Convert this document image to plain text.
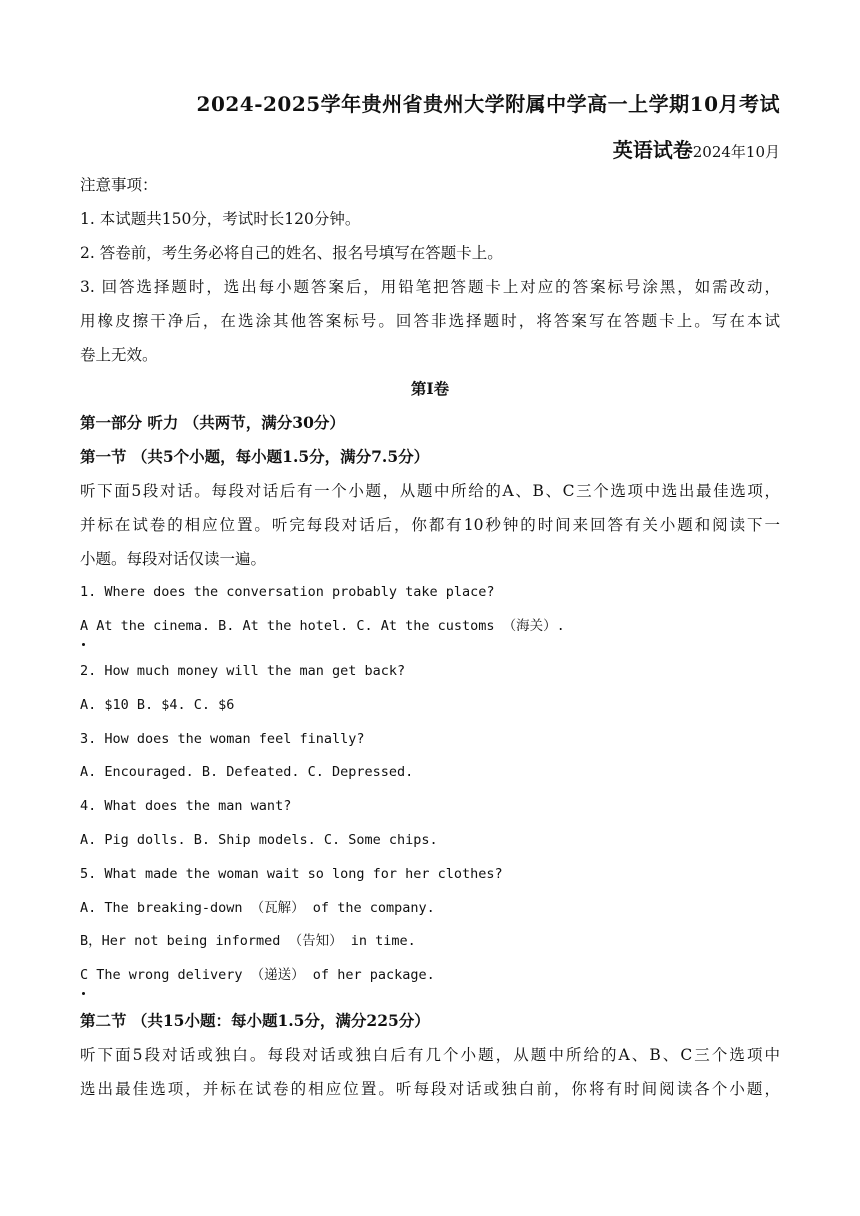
2024-2025学年贵州省贵州大学附属中学高一上学期10月考试
英语试卷2024年10月
注意事项：
1. 本试题共150分，考试时长120分钟。
2. 答卷前，考生务必将自己的姓名、报名号填写在答题卡上。
3. 回答选择题时，选出每小题答案后，用铅笔把答题卡上对应的答案标号涂黑，如需改动，
用橡皮擦干净后，在选涂其他答案标号。回答非选择题时，将答案写在答题卡上。写在本试
卷上无效。
第I卷
第一部分 听力 （共两节，满分30分）
第一节 （共5个小题，每小题1.5分，满分7.5分）
听下面5段对话。每段对话后有一个小题，从题中所给的A、B、C三个选项中选出最佳选项，
并标在试卷的相应位置。听完每段对话后，你都有10秒钟的时间来回答有关小题和阅读下一
小题。每段对话仅读一遍。
1. Where does the conversation probably take place?
A At the cinema. B. At the hotel. C. At the customs （海关）.
2. How much money will the man get back?
A. $10 B. $4. C. $6
3. How does the woman feel finally?
A. Encouraged. B. Defeated. C. Depressed.
4. What does the man want?
A. Pig dolls. B. Ship models. C. Some chips.
5. What made the woman wait so long for her clothes?
A. The breaking-down （瓦解） of the company.
B，Her not being informed （告知） in time.
C The wrong delivery （递送） of her package.
第二节 （共15小题：每小题1.5分，满分225分）
听下面5段对话或独白。每段对话或独白后有几个小题，从题中所给的A、B、C三个选项中
选出最佳选项，并标在试卷的相应位置。听每段对话或独白前，你将有时间阅读各个小题，
